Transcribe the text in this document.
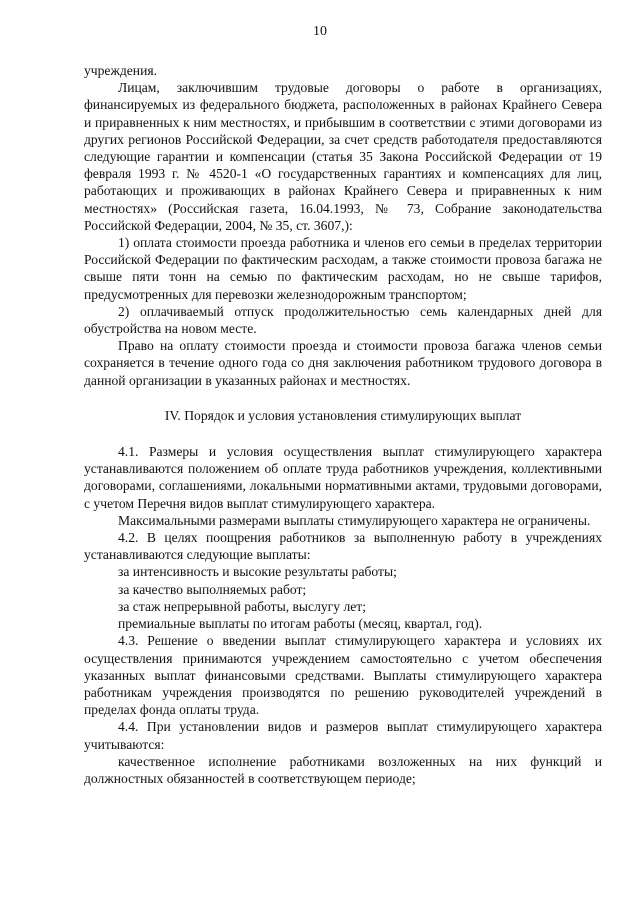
10

учреждения.

Лицам, заключившим трудовые договоры о работе в организациях, финансируемых из федерального бюджета, расположенных в районах Крайнего Севера и приравненных к ним местностях, и прибывшим в соответствии с этими договорами из других регионов Российской Федерации, за счет средств работодателя предоставляются следующие гарантии и компенсации (статья 35 Закона Российской Федерации от 19 февраля 1993 г. № 4520-1 «О государственных гарантиях и компенсациях для лиц, работающих и проживающих в районах Крайнего Севера и приравненных к ним местностях» (Российская газета, 16.04.1993, № 73, Собрание законодательства Российской Федерации, 2004, № 35, ст. 3607,):

1) оплата стоимости проезда работника и членов его семьи в пределах территории Российской Федерации по фактическим расходам, а также стоимости провоза багажа не свыше пяти тонн на семью по фактическим расходам, но не свыше тарифов, предусмотренных для перевозки железнодорожным транспортом;

2) оплачиваемый отпуск продолжительностью семь календарных дней для обустройства на новом месте.

Право на оплату стоимости проезда и стоимости провоза багажа членов семьи сохраняется в течение одного года со дня заключения работником трудового договора в данной организации в указанных районах и местностях.

IV. Порядок и условия установления стимулирующих выплат

4.1. Размеры и условия осуществления выплат стимулирующего характера устанавливаются положением об оплате труда работников учреждения, коллективными договорами, соглашениями, локальными нормативными актами, трудовыми договорами, с учетом Перечня видов выплат стимулирующего характера.

Максимальными размерами выплаты стимулирующего характера не ограничены.

4.2. В целях поощрения работников за выполненную работу в учреждениях устанавливаются следующие выплаты:

за интенсивность и высокие результаты работы;

за качество выполняемых работ;

за стаж непрерывной работы, выслугу лет;

премиальные выплаты по итогам работы (месяц, квартал, год).

4.3. Решение о введении выплат стимулирующего характера и условиях их осуществления принимаются учреждением самостоятельно с учетом обеспечения указанных выплат финансовыми средствами. Выплаты стимулирующего характера работникам учреждения производятся по решению руководителей учреждений в пределах фонда оплаты труда.

4.4. При установлении видов и размеров выплат стимулирующего характера учитываются:

качественное исполнение работниками возложенных на них функций и должностных обязанностей в соответствующем периоде;
